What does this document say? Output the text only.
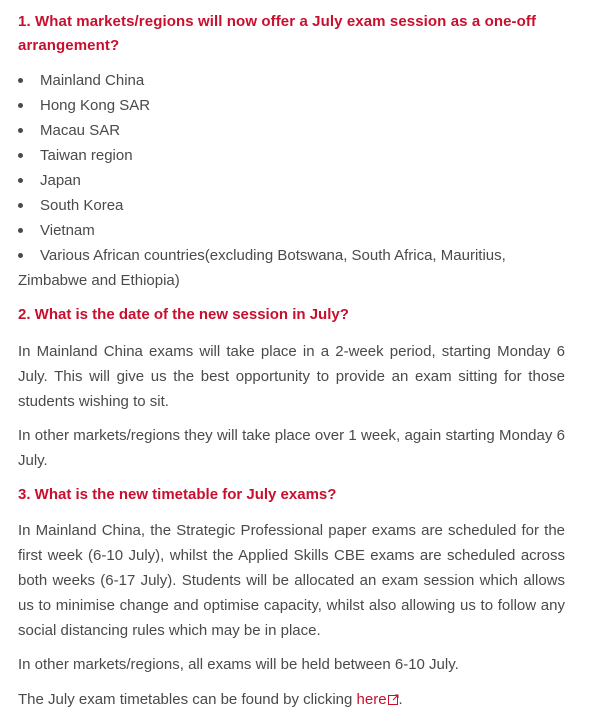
1. What markets/regions will now offer a July exam session as a one-off arrangement?
Mainland China
Hong Kong SAR
Macau SAR
Taiwan region
Japan
South Korea
Vietnam
Various African countries(excluding Botswana, South Africa, Mauritius, Zimbabwe and Ethiopia)
2. What is the date of the new session in July?

In Mainland China exams will take place in a 2-week period, starting Monday 6 July. This will give us the best opportunity to provide an exam sitting for those students wishing to sit.

In other markets/regions they will take place over 1 week, again starting Monday 6 July.

3. What is the new timetable for July exams?

In Mainland China, the Strategic Professional paper exams are scheduled for the first week (6-10 July), whilst the Applied Skills CBE exams are scheduled across both weeks (6-17 July). Students will be allocated an exam session which allows us to minimise change and optimise capacity, whilst also allowing us to follow any social distancing rules which may be in place.

In other markets/regions, all exams will be held between 6-10 July.

The July exam timetables can be found by clicking here .
